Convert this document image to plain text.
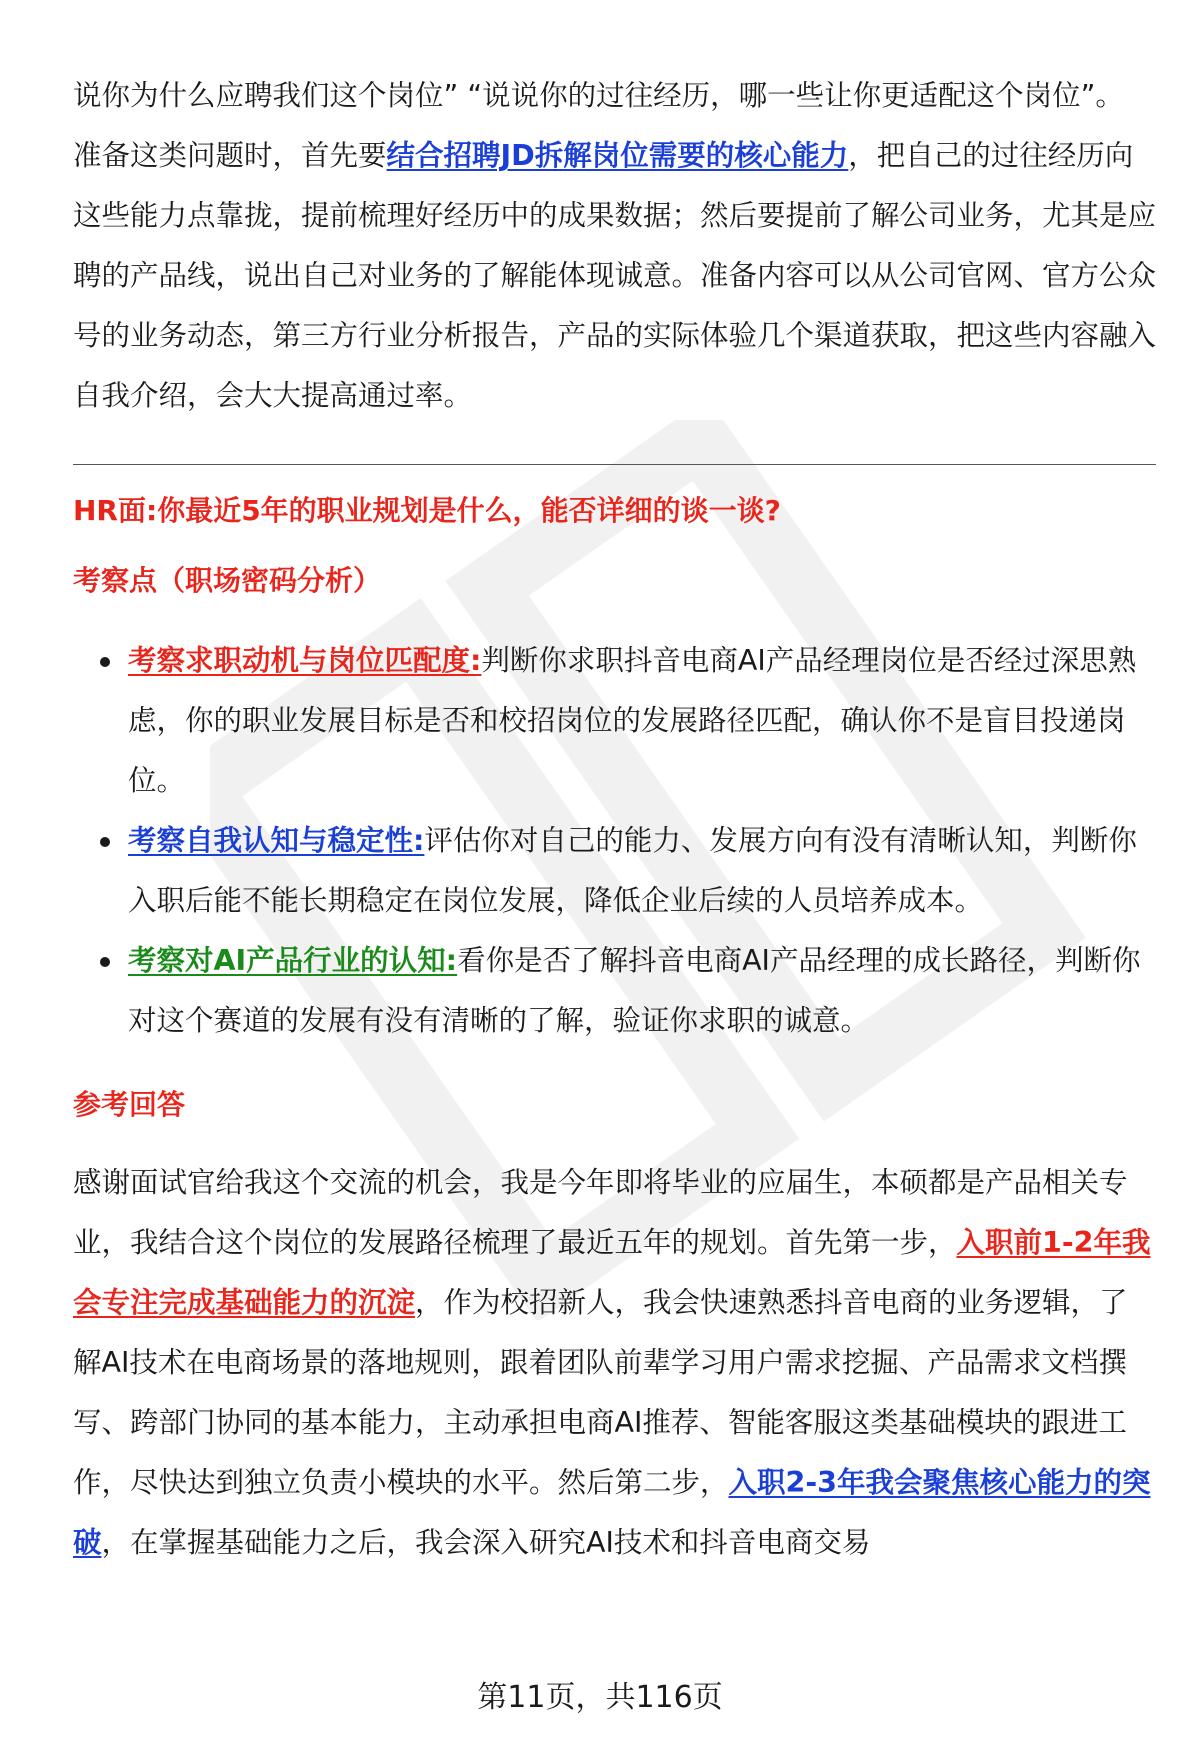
说你为什么应聘我们这个岗位” “说说你的过往经历，哪一些让你更适配这个岗位”。

准备这类问题时，首先要结合招聘JD拆解岗位需要的核心能力，把自己的过往经历向这些能力点靠拢，提前梳理好经历中的成果数据；然后要提前了解公司业务，尤其是应聘的产品线，说出自己对业务的了解能体现诚意。准备内容可以从公司官网、官方公众号的业务动态，第三方行业分析报告，产品的实际体验几个渠道获取，把这些内容融入自我介绍，会大大提高通过率。

HR面:你最近5年的职业规划是什么，能否详细的谈一谈?

考察点（职场密码分析）

考察求职动机与岗位匹配度:判断你求职抖音电商AI产品经理岗位是否经过深思熟虑，你的职业发展目标是否和校招岗位的发展路径匹配，确认你不是盲目投递岗位。
考察自我认知与稳定性:评估你对自己的能力、发展方向有没有清晰认知，判断你入职后能不能长期稳定在岗位发展，降低企业后续的人员培养成本。
考察对AI产品行业的认知:看你是否了解抖音电商AI产品经理的成长路径，判断你对这个赛道的发展有没有清晰的了解，验证你求职的诚意。

参考回答

感谢面试官给我这个交流的机会，我是今年即将毕业的应届生，本硕都是产品相关专业，我结合这个岗位的发展路径梳理了最近五年的规划。首先第一步，入职前1-2年我会专注完成基础能力的沉淀，作为校招新人，我会快速熟悉抖音电商的业务逻辑，了解AI技术在电商场景的落地规则，跟着团队前辈学习用户需求挖掘、产品需求文档撰写、跨部门协同的基本能力，主动承担电商AI推荐、智能客服这类基础模块的跟进工作，尽快达到独立负责小模块的水平。然后第二步，入职2-3年我会聚焦核心能力的突破，在掌握基础能力之后，我会深入研究AI技术和抖音电商交易

第11页，共116页
